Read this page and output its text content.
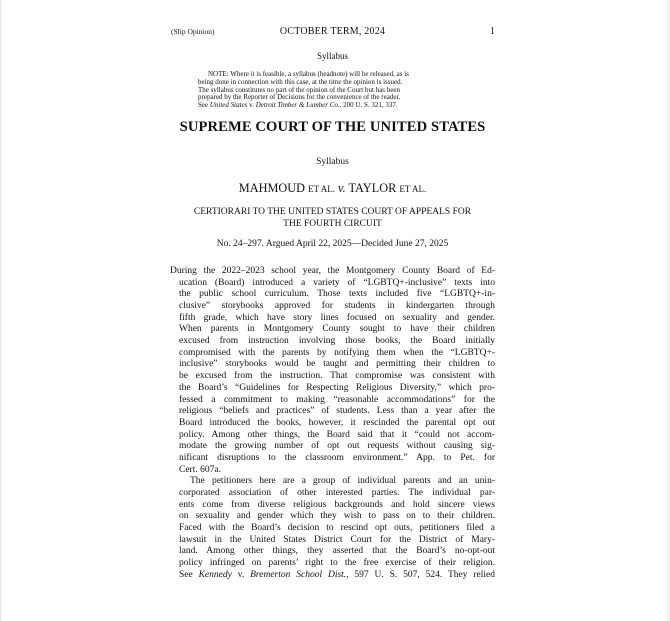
(Slip Opinion)	OCTOBER TERM, 2024	1
Syllabus
NOTE: Where it is feasible, a syllabus (headnote) will be released, as is
being done in connection with this case, at the time the opinion is issued.
The syllabus constitutes no part of the opinion of the Court but has been
prepared by the Reporter of Decisions for the convenience of the reader.
See United States v. Detroit Timber & Lumber Co., 200 U. S. 321, 337.
SUPREME COURT OF THE UNITED STATES
Syllabus
MAHMOUD ET AL. v. TAYLOR ET AL.
CERTIORARI TO THE UNITED STATES COURT OF APPEALS FOR
THE FOURTH CIRCUIT
No. 24–297. Argued April 22, 2025—Decided June 27, 2025
During the 2022–2023 school year, the Montgomery County Board of Ed-
ucation (Board) introduced a variety of “LGBTQ+-inclusive” texts into
the public school curriculum. Those texts included five “LGBTQ+-in-
clusive” storybooks approved for students in kindergarten through
fifth grade, which have story lines focused on sexuality and gender.
When parents in Montgomery County sought to have their children
excused from instruction involving those books, the Board initially
compromised with the parents by notifying them when the “LGBTQ+-
inclusive” storybooks would be taught and permitting their children to
be excused from the instruction. That compromise was consistent with
the Board’s “Guidelines for Respecting Religious Diversity,” which pro-
fessed a commitment to making “reasonable accommodations” for the
religious “beliefs and practices” of students. Less than a year after the
Board introduced the books, however, it rescinded the parental opt out
policy. Among other things, the Board said that it “could not accom-
modate the growing number of opt out requests without causing sig-
nificant disruptions to the classroom environment.” App. to Pet. for
Cert. 607a.
The petitioners here are a group of individual parents and an unin-
corporated association of other interested parties. The individual par-
ents come from diverse religious backgrounds and hold sincere views
on sexuality and gender which they wish to pass on to their children.
Faced with the Board’s decision to rescind opt outs, petitioners filed a
lawsuit in the United States District Court for the District of Mary-
land. Among other things, they asserted that the Board’s no-opt-out
policy infringed on parents’ right to the free exercise of their religion.
See Kennedy v. Bremerton School Dist., 597 U. S. 507, 524. They relied
